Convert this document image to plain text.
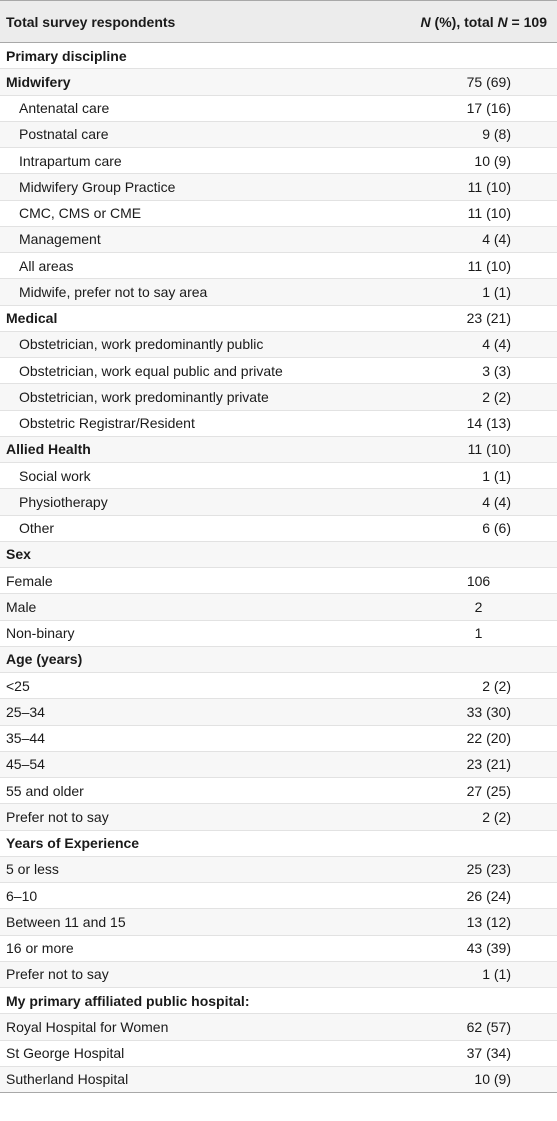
Total survey respondents	N (%), total N = 109
Primary discipline	
Midwifery	75 (69)
Antenatal care	17 (16)
Postnatal care	9 (8)
Intrapartum care	10 (9)
Midwifery Group Practice	11 (10)
CMC, CMS or CME	11 (10)
Management	4 (4)
All areas	11 (10)
Midwife, prefer not to say area	1 (1)
Medical	23 (21)
Obstetrician, work predominantly public	4 (4)
Obstetrician, work equal public and private	3 (3)
Obstetrician, work predominantly private	2 (2)
Obstetric Registrar/Resident	14 (13)
Allied Health	11 (10)
Social work	1 (1)
Physiotherapy	4 (4)
Other	6 (6)
Sex	
Female	106
Male	2
Non-binary	1
Age (years)	
<25	2 (2)
25–34	33 (30)
35–44	22 (20)
45–54	23 (21)
55 and older	27 (25)
Prefer not to say	2 (2)
Years of Experience	
5 or less	25 (23)
6–10	26 (24)
Between 11 and 15	13 (12)
16 or more	43 (39)
Prefer not to say	1 (1)
My primary affiliated public hospital:	
Royal Hospital for Women	62 (57)
St George Hospital	37 (34)
Sutherland Hospital	10 (9)
